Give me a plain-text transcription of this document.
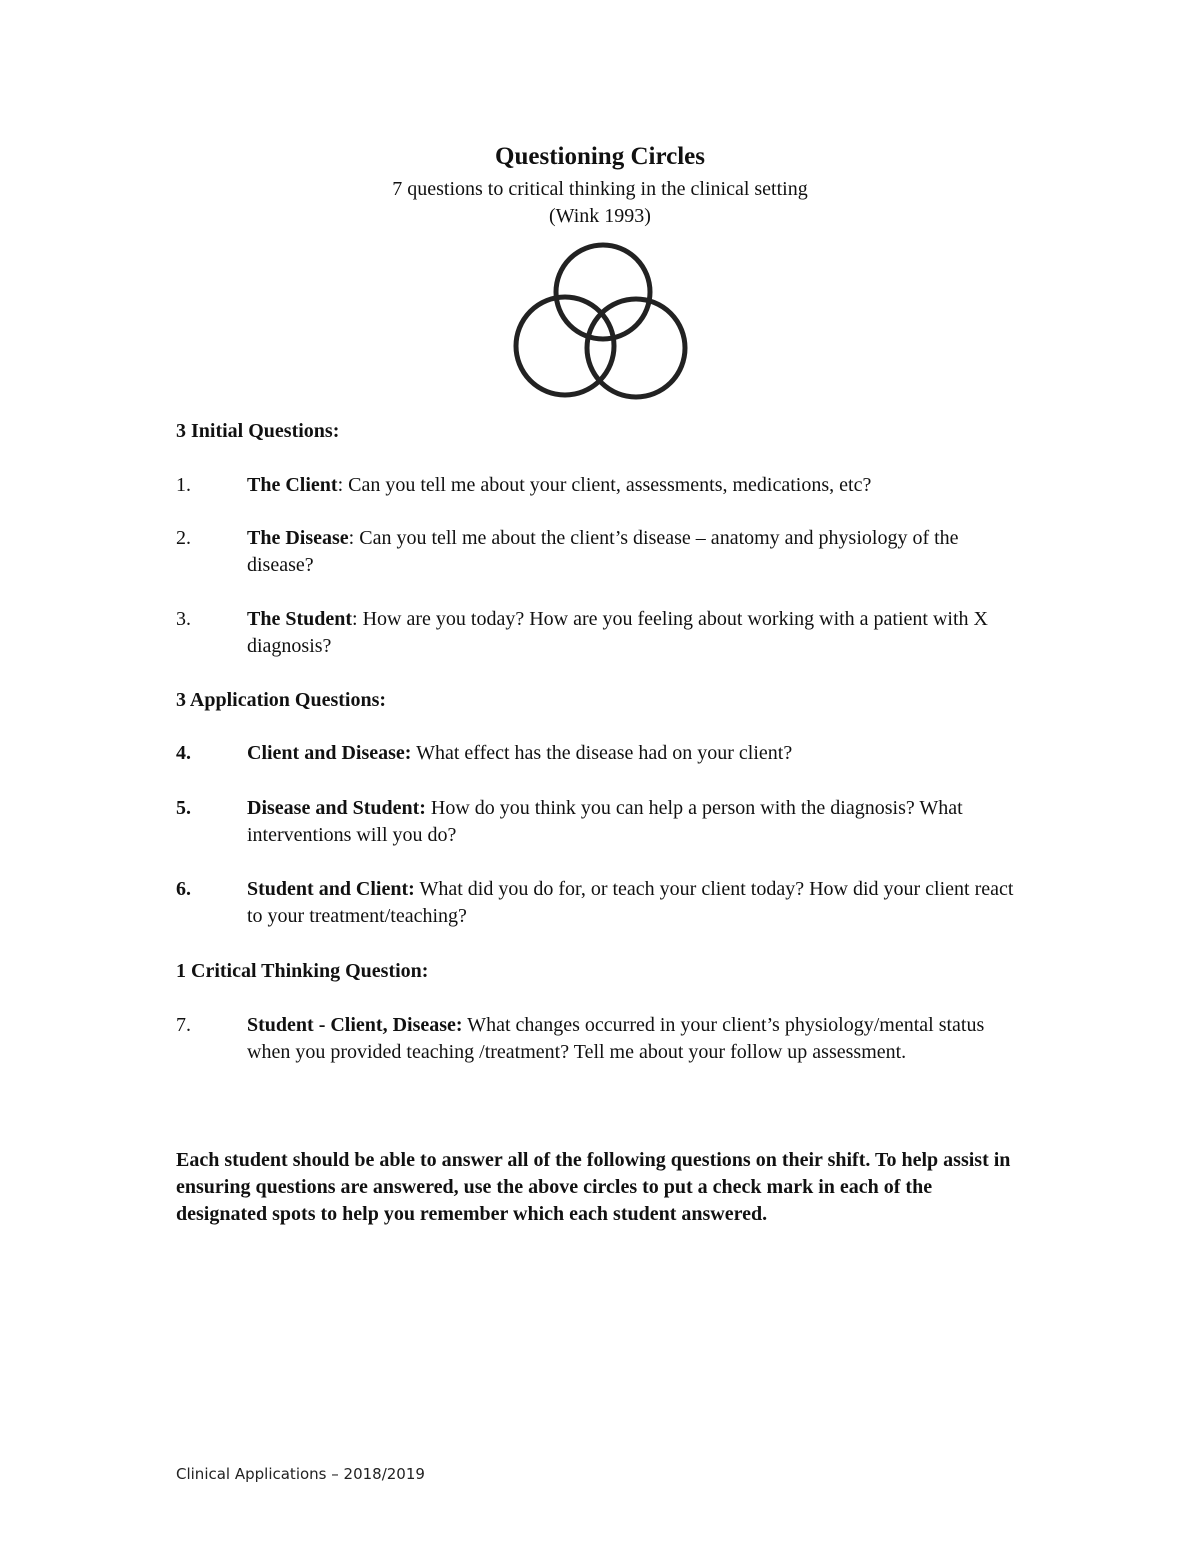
Questioning Circles
7 questions to critical thinking in the clinical setting
(Wink 1993)
3 Initial Questions:
1.	The Client: Can you tell me about your client, assessments, medications, etc?
2.	The Disease: Can you tell me about the client’s disease – anatomy and physiology of the disease?
3.	The Student: How are you today? How are you feeling about working with a patient with X diagnosis?
3 Application Questions:
4.	Client and Disease: What effect has the disease had on your client?
5.	Disease and Student: How do you think you can help a person with the diagnosis? What interventions will you do?
6.	Student and Client: What did you do for, or teach your client today? How did your client react to your treatment/teaching?
1 Critical Thinking Question:
7.	Student - Client, Disease: What changes occurred in your client’s physiology/mental status when you provided teaching /treatment? Tell me about your follow up assessment.
Each student should be able to answer all of the following questions on their shift. To help assist in ensuring questions are answered, use the above circles to put a check mark in each of the designated spots to help you remember which each student answered.
Clinical Applications – 2018/2019
